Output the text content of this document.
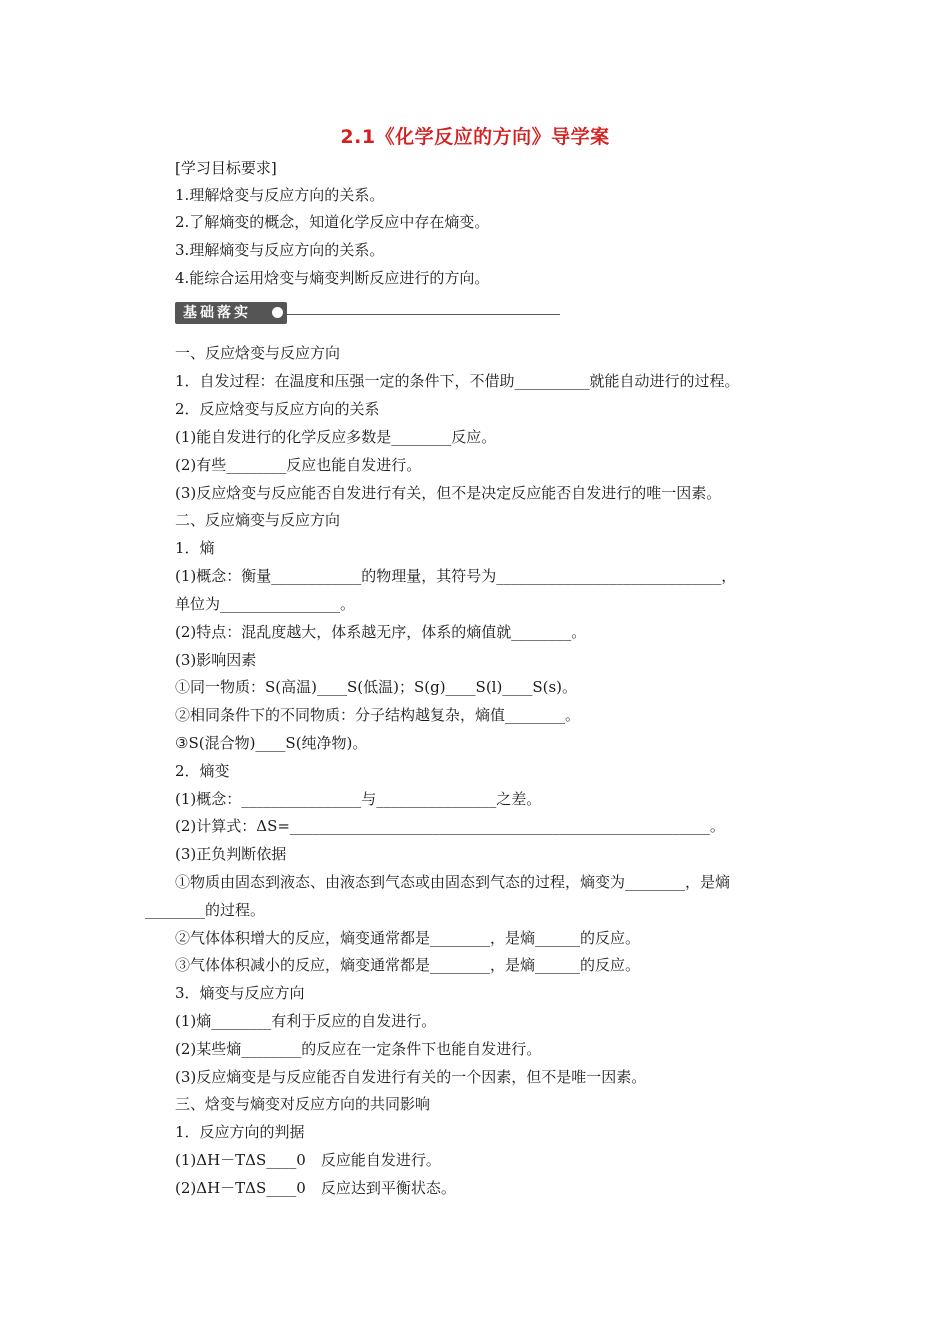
2.1《化学反应的方向》导学案
[学习目标要求]
1.理解焓变与反应方向的关系。
2.了解熵变的概念，知道化学反应中存在熵变。
3.理解熵变与反应方向的关系。
4.能综合运用焓变与熵变判断反应进行的方向。
基础落实
一、反应焓变与反应方向
1．自发过程：在温度和压强一定的条件下，不借助__________就能自动进行的过程。
2．反应焓变与反应方向的关系
(1)能自发进行的化学反应多数是________反应。
(2)有些________反应也能自发进行。
(3)反应焓变与反应能否自发进行有关，但不是决定反应能否自发进行的唯一因素。
二、反应熵变与反应方向
1．熵
(1)概念：衡量____________的物理量，其符号为______________________________，
单位为________________。
(2)特点：混乱度越大，体系越无序，体系的熵值就________。
(3)影响因素
①同一物质：S(高温)____S(低温)；S(g)____S(l)____S(s)。
②相同条件下的不同物质：分子结构越复杂，熵值________。
③S(混合物)____S(纯净物)。
2．熵变
(1)概念：________________与________________之差。
(2)计算式：ΔS=________________________________________________________。
(3)正负判断依据
①物质由固态到液态、由液态到气态或由固态到气态的过程，熵变为________，是熵
________的过程。
②气体体积增大的反应，熵变通常都是________，是熵______的反应。
③气体体积减小的反应，熵变通常都是________，是熵______的反应。
3．熵变与反应方向
(1)熵________有利于反应的自发进行。
(2)某些熵________的反应在一定条件下也能自发进行。
(3)反应熵变是与反应能否自发进行有关的一个因素，但不是唯一因素。
三、焓变与熵变对反应方向的共同影响
1．反应方向的判据
(1)ΔH－TΔS____0　反应能自发进行。
(2)ΔH－TΔS____0　反应达到平衡状态。
